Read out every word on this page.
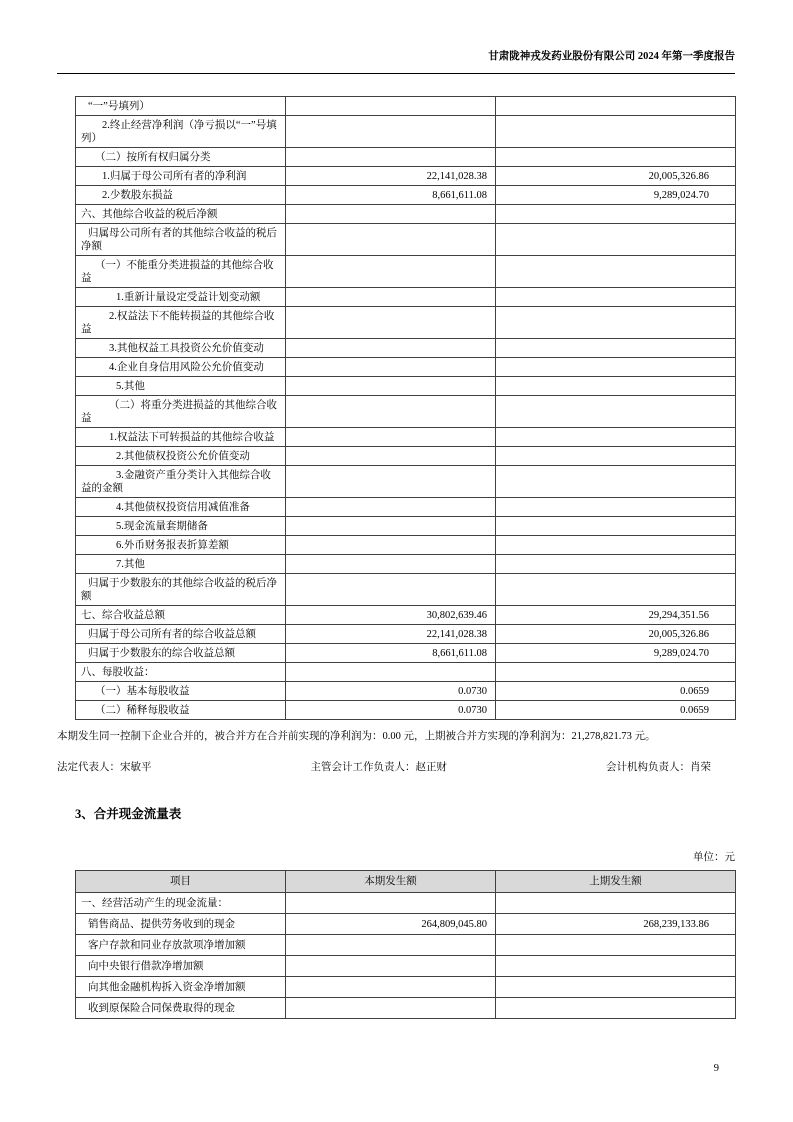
甘肃陇神戎发药业股份有限公司 2024 年第一季度报告
“一”号填列）		
2.终止经营净利润（净亏损以“一”号填列）		
（二）按所有权归属分类		
1.归属于母公司所有者的净利润	22,141,028.38	20,005,326.86
2.少数股东损益	8,661,611.08	9,289,024.70
六、其他综合收益的税后净额		
归属母公司所有者的其他综合收益的税后净额		
（一）不能重分类进损益的其他综合收益		
1.重新计量设定受益计划变动额		
2.权益法下不能转损益的其他综合收益		
3.其他权益工具投资公允价值变动		
4.企业自身信用风险公允价值变动		
5.其他		
（二）将重分类进损益的其他综合收益		
1.权益法下可转损益的其他综合收益		
2.其他债权投资公允价值变动		
3.金融资产重分类计入其他综合收益的金额		
4.其他债权投资信用减值准备		
5.现金流量套期储备		
6.外币财务报表折算差额		
7.其他		
归属于少数股东的其他综合收益的税后净额		
七、综合收益总额	30,802,639.46	29,294,351.56
归属于母公司所有者的综合收益总额	22,141,028.38	20,005,326.86
归属于少数股东的综合收益总额	8,661,611.08	9,289,024.70
八、每股收益：		
（一）基本每股收益	0.0730	0.0659
（二）稀释每股收益	0.0730	0.0659

本期发生同一控制下企业合并的，被合并方在合并前实现的净利润为：0.00 元，上期被合并方实现的净利润为：21,278,821.73 元。

法定代表人：宋敏平	主管会计工作负责人：赵正财	会计机构负责人：肖荣
3、合并现金流量表
单位：元
项目	本期发生额	上期发生额
一、经营活动产生的现金流量：		
销售商品、提供劳务收到的现金	264,809,045.80	268,239,133.86
客户存款和同业存放款项净增加额		
向中央银行借款净增加额		
向其他金融机构拆入资金净增加额		
收到原保险合同保费取得的现金		
9
